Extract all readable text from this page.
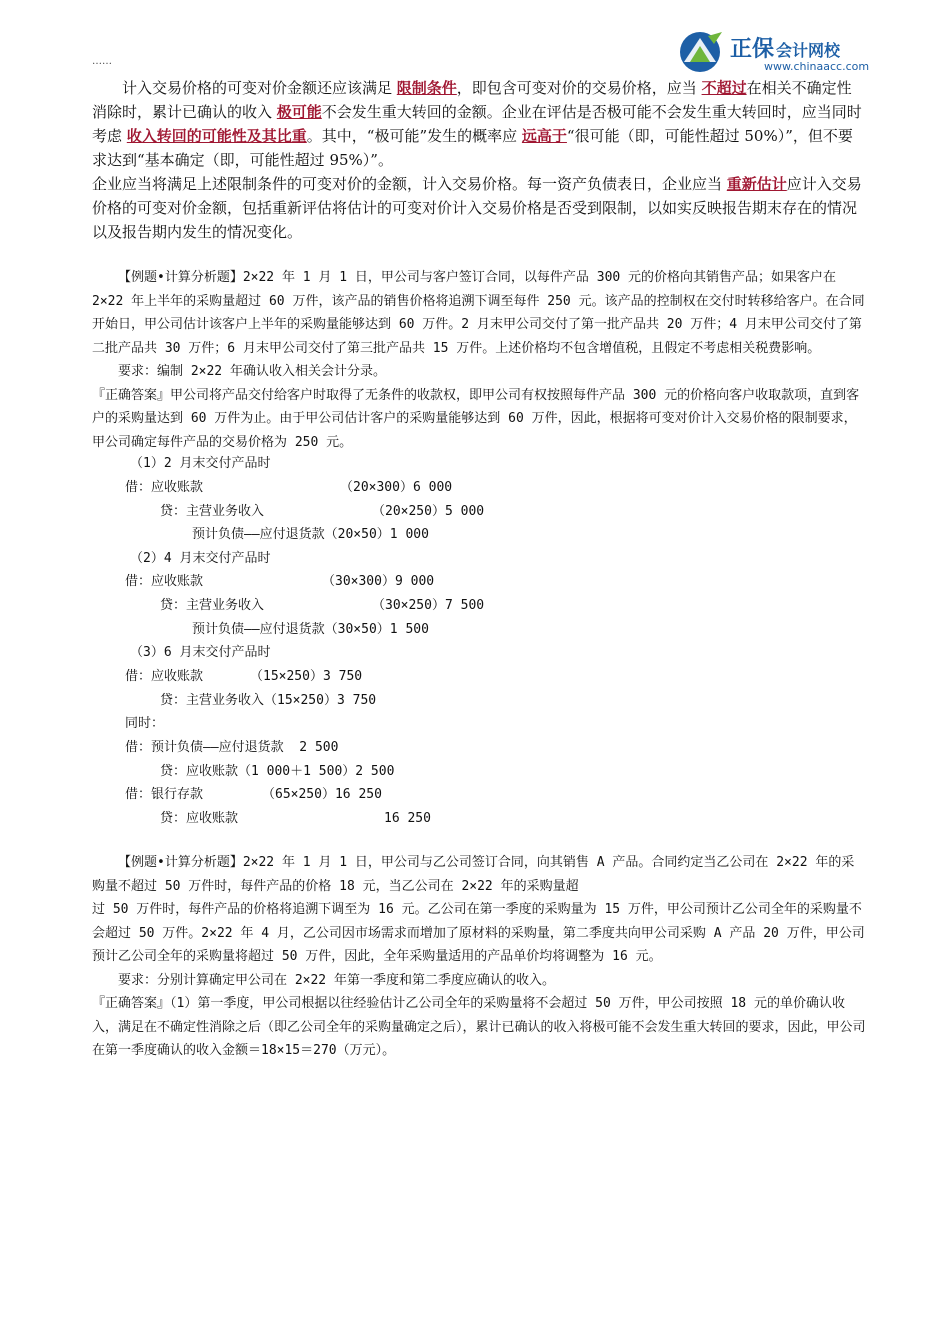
正保 会计网校
www.chinaacc.com
……

计入交易价格的可变对价金额还应该满足 限制条件，即包含可变对价的交易价格，应当 不超过在相关不确定性消除时，累计已确认的收入 极可能不会发生重大转回的金额。企业在评估是否极可能不会发生重大转回时，应当同时考虑 收入转回的可能性及其比重。其中，“极可能”发生的概率应 远高于“很可能（即，可能性超过 50%）”，但不要求达到“基本确定（即，可能性超过 95%）”。

企业应当将满足上述限制条件的可变对价的金额，计入交易价格。每一资产负债表日，企业应当 重新估计应计入交易价格的可变对价金额，包括重新评估将估计的可变对价计入交易价格是否受到限制，以如实反映报告期末存在的情况以及报告期内发生的情况变化。

【例题•计算分析题】2×22 年 1 月 1 日，甲公司与客户签订合同，以每件产品 300 元的价格向其销售产品；如果客户在 2×22 年上半年的采购量超过 60 万件，该产品的销售价格将追溯下调至每件 250 元。该产品的控制权在交付时转移给客户。在合同开始日，甲公司估计该客户上半年的采购量能够达到 60 万件。2 月末甲公司交付了第一批产品共 20 万件；4 月末甲公司交付了第二批产品共 30 万件；6 月末甲公司交付了第三批产品共 15 万件。上述价格均不包含增值税，且假定不考虑相关税费影响。

要求：编制 2×22 年确认收入相关会计分录。

『正确答案』甲公司将产品交付给客户时取得了无条件的收款权，即甲公司有权按照每件产品 300 元的价格向客户收取款项，直到客户的采购量达到 60 万件为止。由于甲公司估计客户的采购量能够达到 60 万件，因此，根据将可变对价计入交易价格的限制要求，甲公司确定每件产品的交易价格为 250 元。

（1）2 月末交付产品时
借：应收账款	（20×300）6 000
贷：主营业务收入	（20×250）5 000
预计负债——应付退货款（20×50）1 000
（2）4 月末交付产品时
借：应收账款	（30×300）9 000
贷：主营业务收入	（30×250）7 500
预计负债——应付退货款（30×50）1 500
（3）6 月末交付产品时
借：应收账款	（15×250）3 750
贷：主营业务收入（15×250）3 750
同时：
借：预计负债——应付退货款  2 500
贷：应收账款（1 000＋1 500）2 500
借：银行存款	（65×250）16 250
贷：应收账款	16 250

【例题•计算分析题】2×22 年 1 月 1 日，甲公司与乙公司签订合同，向其销售 A 产品。合同约定当乙公司在 2×22 年的采购量不超过 50 万件时，每件产品的价格 18 元，当乙公司在 2×22 年的采购量超

过 50 万件时，每件产品的价格将追溯下调至为 16 元。乙公司在第一季度的采购量为 15 万件，甲公司预计乙公司全年的采购量不会超过 50 万件。2×22 年 4 月，乙公司因市场需求而增加了原材料的采购量，第二季度共向甲公司采购 A 产品 20 万件，甲公司预计乙公司全年的采购量将超过 50 万件，因此，全年采购量适用的产品单价均将调整为 16 元。

要求：分别计算确定甲公司在 2×22 年第一季度和第二季度应确认的收入。

『正确答案』（1）第一季度，甲公司根据以往经验估计乙公司全年的采购量将不会超过 50 万件，甲公司按照 18 元的单价确认收入，满足在不确定性消除之后（即乙公司全年的采购量确定之后），累计已确认的收入将极可能不会发生重大转回的要求，因此，甲公司在第一季度确认的收入金额＝18×15＝270（万元）。
